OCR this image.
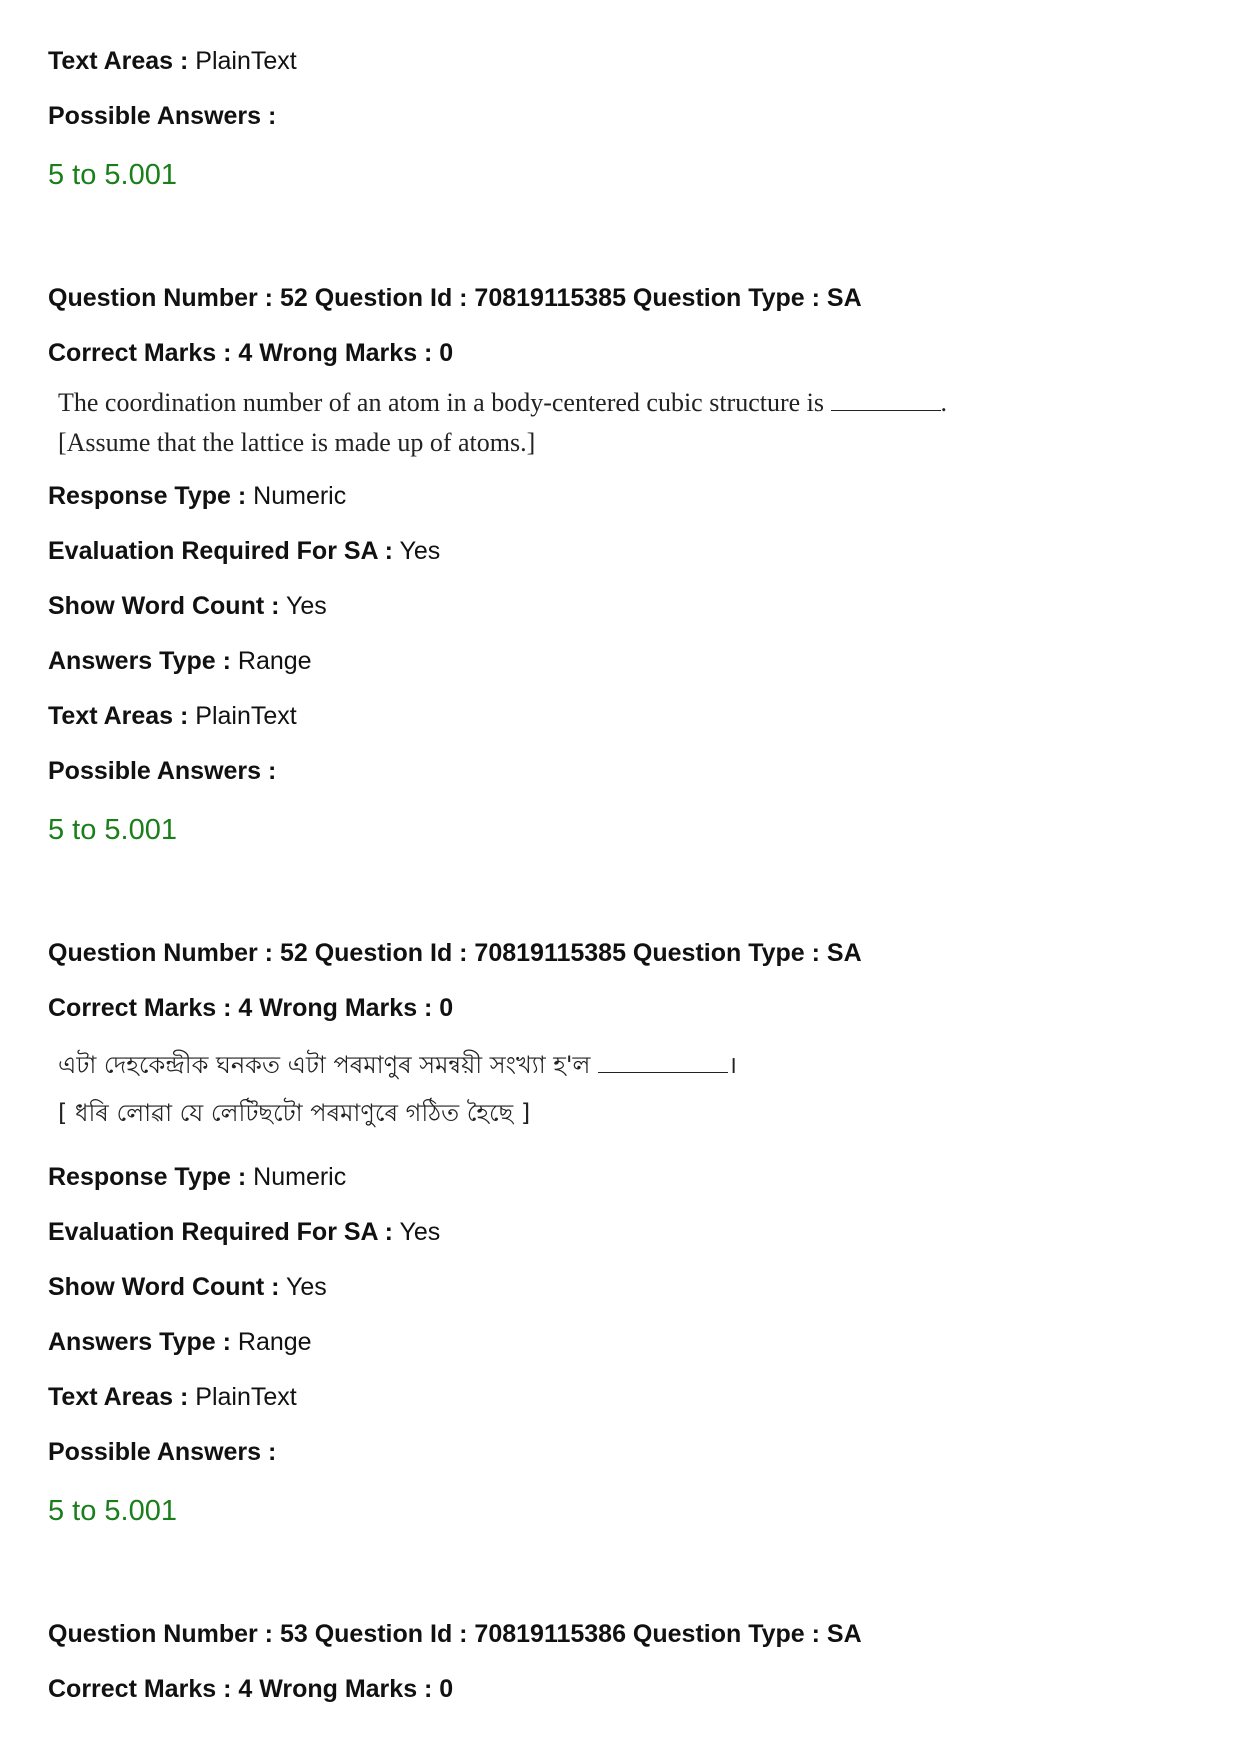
Text Areas : PlainText
Possible Answers :
5 to 5.001
Question Number : 52 Question Id : 70819115385 Question Type : SA
Correct Marks : 4 Wrong Marks : 0
The coordination number of an atom in a body-centered cubic structure is	.
[Assume that the lattice is made up of atoms.]
Response Type : Numeric
Evaluation Required For SA : Yes
Show Word Count : Yes
Answers Type : Range
Text Areas : PlainText
Possible Answers :
5 to 5.001
Question Number : 52 Question Id : 70819115385 Question Type : SA
Correct Marks : 4 Wrong Marks : 0
এটা দেহকেন্দ্ৰীক ঘনকত এটা পৰমাণুৰ সমন্বয়ী সংখ্যা হ'ল	।
[ ধৰি লোৱা যে লেটিছটো পৰমাণুৰে গঠিত হৈছে ]
Response Type : Numeric
Evaluation Required For SA : Yes
Show Word Count : Yes
Answers Type : Range
Text Areas : PlainText
Possible Answers :
5 to 5.001
Question Number : 53 Question Id : 70819115386 Question Type : SA
Correct Marks : 4 Wrong Marks : 0
